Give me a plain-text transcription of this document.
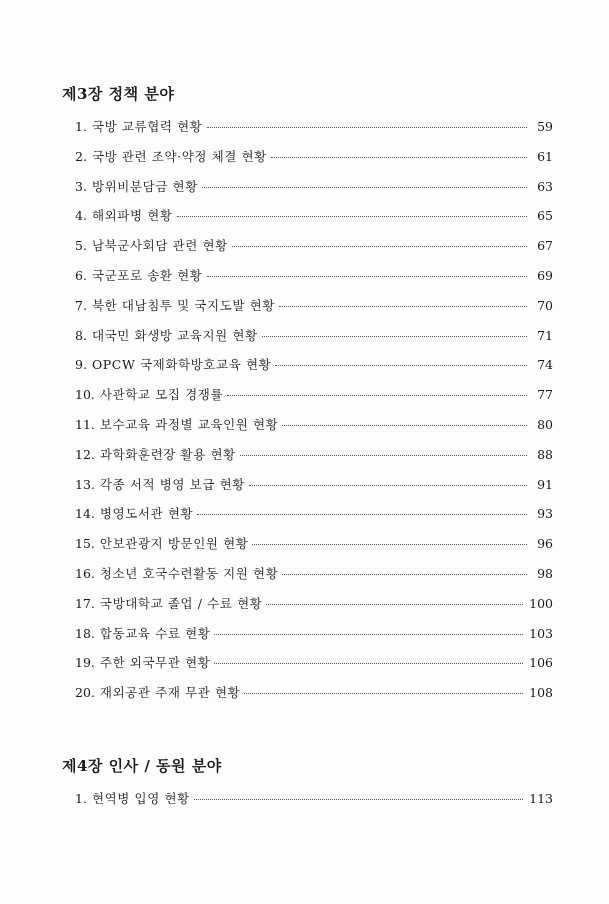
제3장 정책 분야
1. 국방 교류협력 현황	59
2. 국방 관련 조약·약정 체결 현황	61
3. 방위비분담금 현황	63
4. 해외파병 현황	65
5. 남북군사회담 관련 현황	67
6. 국군포로 송환 현황	69
7. 북한 대남침투 및 국지도발 현황	70
8. 대국민 화생방 교육지원 현황	71
9. OPCW 국제화학방호교육 현황	74
10. 사관학교 모집 경쟁률	77
11. 보수교육 과정별 교육인원 현황	80
12. 과학화훈련장 활용 현황	88
13. 각종 서적 병영 보급 현황	91
14. 병영도서관 현황	93
15. 안보관광지 방문인원 현황	96
16. 청소년 호국수련활동 지원 현황	98
17. 국방대학교 졸업 / 수료 현황	100
18. 합동교육 수료 현황	103
19. 주한 외국무관 현황	106
20. 재외공관 주재 무관 현황	108
제4장 인사 / 동원 분야
1. 현역병 입영 현황	113
